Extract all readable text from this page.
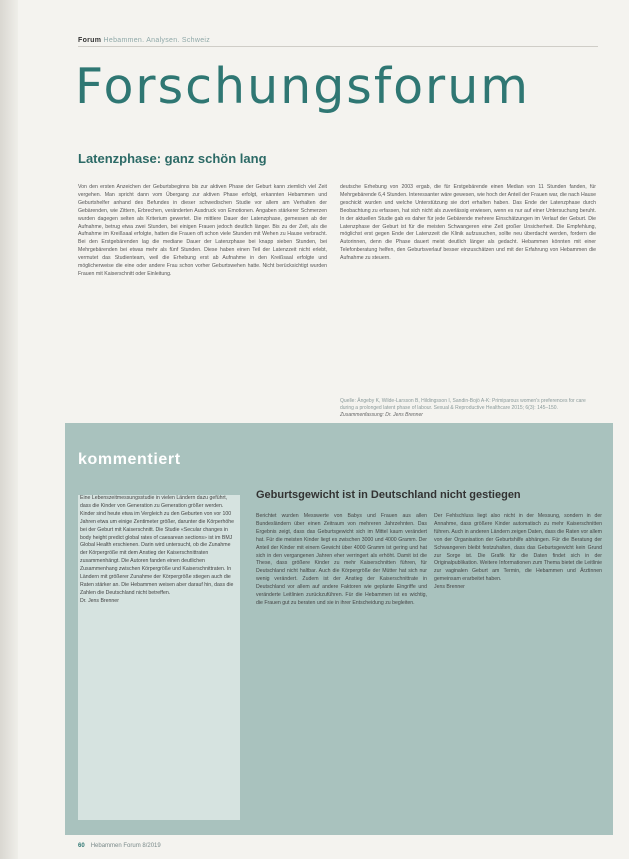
Forum Hebammen. Analysen. Schweiz
Forschungsforum
Latenzphase: ganz schön lang

Von den ersten Anzeichen der Geburtsbeginns bis zur aktiven Phase der Geburt kann ziemlich viel Zeit vergehen. Man spricht dann vom Übergang zur aktiven Phase erfolgt, erkannten Hebammen und Geburtshelfer anhand des Befundes in dieser schwedischen Studie vor allem am Verhalten der Gebärenden, wie Zittern, Erbrechen, veränderten Ausdruck von Emotionen. Angaben stärkerer Schmerzen wurden dagegen selten als Kriterium gewertet. Die mittlere Dauer der Latenzphase, gemessen ab der Aufnahme, betrug etwa zwei Stunden, bei einigen Frauen jedoch deutlich länger. Bis zu der Zeit, als die Aufnahme im Kreißsaal erfolgte, hatten die Frauen oft schon viele Stunden mit Wehen zu Hause verbracht. Bei den Erstgebärenden lag die mediane Dauer der Latenzphase bei knapp sieben Stunden, bei Mehrgebärenden bei etwas mehr als fünf Stunden. Diese haben einen Teil der Latenzzeit nicht erlebt, vermutet das Studienteam, weil die Erhebung erst ab Aufnahme in den Kreißsaal erfolgte und möglicherweise die eine oder andere Frau schon vorher Geburtswehen hatte. Nicht berücksichtigt wurden Frauen mit Kaiserschnitt oder Einleitung.

deutsche Erhebung von 2003 ergab, die für Erstgebärende einen Median von 11 Stunden fanden, für Mehrgebärende 6,4 Stunden. Interessanter wäre gewesen, wie hoch der Anteil der Frauen war, die nach Hause geschickt wurden und welche Unterstützung sie dort erhalten haben. Das Ende der Latenzphase durch Beobachtung zu erfassen, hat sich nicht als zuverlässig erwiesen, wenn es nur auf einer Untersuchung beruht. In der aktuellen Studie gab es daher für jede Gebärende mehrere Einschätzungen im Verlauf der Geburt. Die Latenzphase der Geburt ist für die meisten Schwangeren eine Zeit großer Unsicherheit. Die Empfehlung, möglichst erst gegen Ende der Latenzzeit die Klinik aufzusuchen, sollte neu überdacht werden, fordern die Autorinnen, denn die Phase dauert meist deutlich länger als gedacht. Hebammen könnten mit einer Telefonberatung helfen, den Geburtsverlauf besser einzuschätzen und mit der Erfahrung von Hebammen die Aufnahme zu steuern.

Quelle: Ängeby K, Wilde-Larsson B, Hildingsson I, Sandin-Bojö A-K: Primiparous women's preferences for care during a prolonged latent phase of labour. Sexual & Reproductive Healthcare 2015; 6(3): 145–150.

Zusammenfassung: Dr. Jens Brenner
kommentiert

Eine Lebenszeitmessungsstudie in vielen Ländern dazu geführt, dass die Kinder von Generation zu Generation größer werden. Kinder sind heute etwa im Vergleich zu den Geburten von vor 100 Jahren etwa um einige Zentimeter größer, darunter die Körperhöhe bei der Geburt mit Kaiserschnitt. Die Studie «Secular changes in body height predict global rates of caesarean sections» ist im BMJ Global Health erschienen. Darin wird untersucht, ob die Zunahme der Körpergröße mit dem Anstieg der Kaiserschnittraten zusammenhängt. Die Autoren fanden einen deutlichen Zusammenhang zwischen Körpergröße und Kaiserschnittraten. In Ländern mit größerer Zunahme der Körpergröße stiegen auch die Raten stärker an. Die Hebammen weisen aber darauf hin, dass die Zahlen die Deutschland nicht betreffen.

Dr. Jens Brenner

Geburtsgewicht ist in Deutschland nicht gestiegen

Berichtet wurden Messwerte von Babys und Frauen aus allen Bundesländern über einen Zeitraum von mehreren Jahrzehnten. Das Ergebnis zeigt, dass das Geburtsgewicht sich im Mittel kaum verändert hat. Für die meisten Kinder liegt es zwischen 3000 und 4000 Gramm. Der Anteil der Kinder mit einem Gewicht über 4000 Gramm ist gering und hat sich in den vergangenen Jahren eher verringert als erhöht. Damit ist die These, dass größere Kinder zu mehr Kaiserschnitten führen, für Deutschland nicht haltbar. Auch die Körpergröße der Mütter hat sich nur wenig verändert. Zudem ist der Anstieg der Kaiserschnittrate in Deutschland vor allem auf andere Faktoren wie geplante Eingriffe und veränderte Leitlinien zurückzuführen. Für die Hebammen ist es wichtig, die Frauen gut zu beraten und sie in ihrer Entscheidung zu begleiten.

Der Fehlschluss liegt also nicht in der Messung, sondern in der Annahme, dass größere Kinder automatisch zu mehr Kaiserschnitten führen. Auch in anderen Ländern zeigen Daten, dass die Raten vor allem von der Organisation der Geburtshilfe abhängen. Für die Beratung der Schwangeren bleibt festzuhalten, dass das Geburtsgewicht kein Grund zur Sorge ist. Die Grafik für die Daten findet sich in der Originalpublikation. Weitere Informationen zum Thema bietet die Leitlinie zur vaginalen Geburt am Termin, die Hebammen und Ärztinnen gemeinsam erarbeitet haben.

Jens Brenner

60 Hebammen Forum 8/2019
